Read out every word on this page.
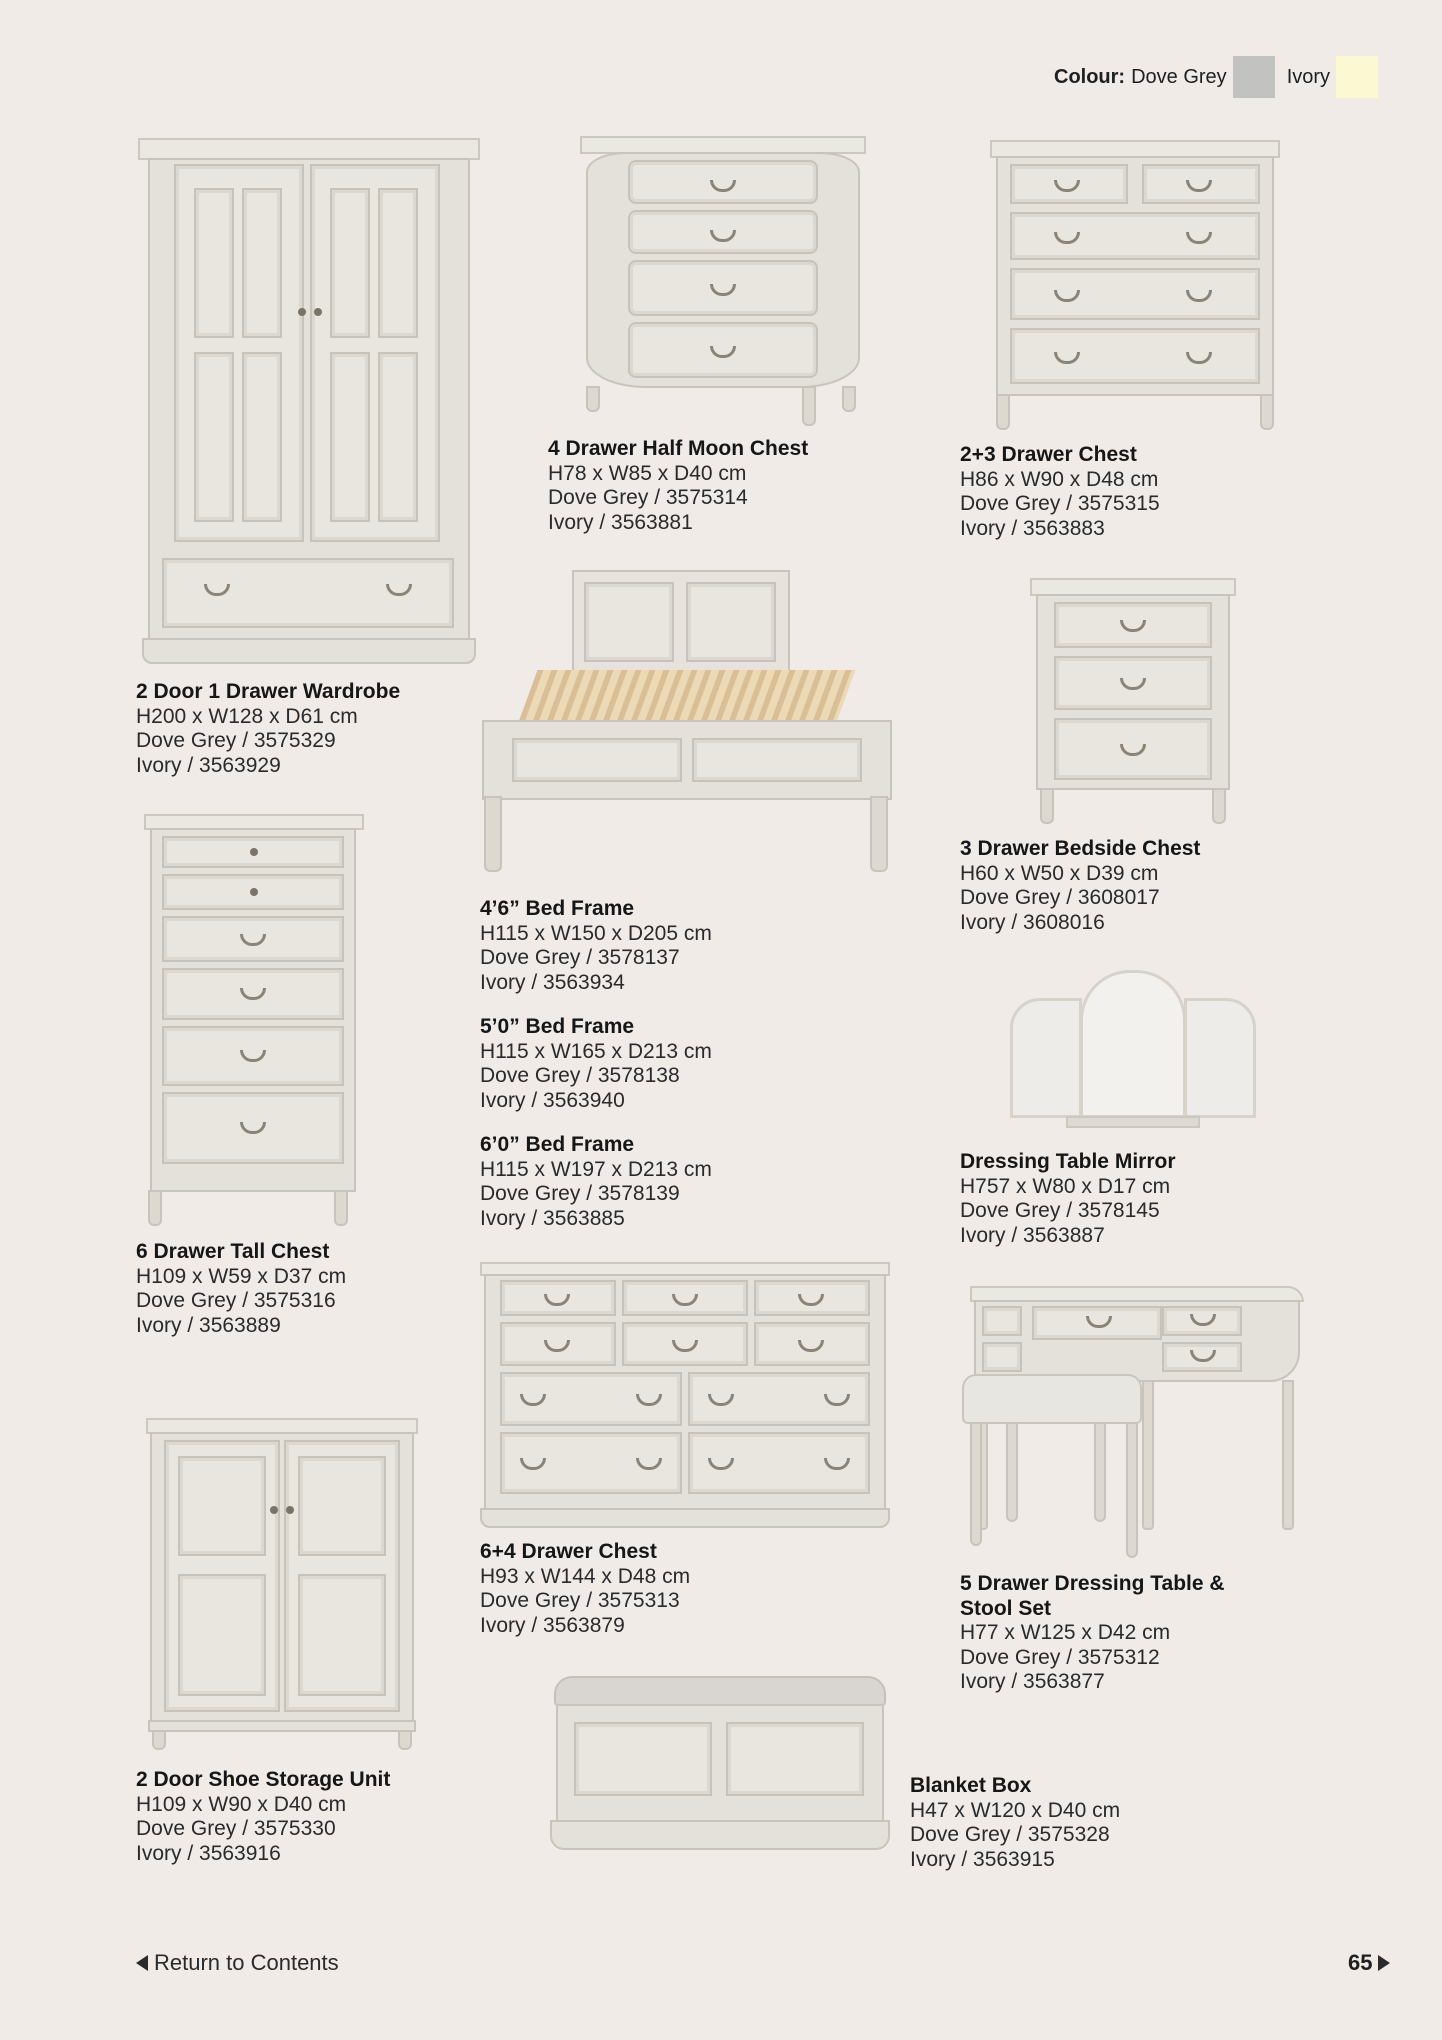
Colour: Dove Grey	Ivory
2 Door 1 Drawer Wardrobe
H200 x W128 x D61 cm
Dove Grey / 3575329
Ivory / 3563929
4 Drawer Half Moon Chest
H78 x W85 x D40 cm
Dove Grey / 3575314
Ivory / 3563881
2+3 Drawer Chest
H86 x W90 x D48 cm
Dove Grey / 3575315
Ivory / 3563883
4’6” Bed Frame
H115 x W150 x D205 cm
Dove Grey / 3578137
Ivory / 3563934
5’0” Bed Frame
H115 x W165 x D213 cm
Dove Grey / 3578138
Ivory / 3563940
6’0” Bed Frame
H115 x W197 x D213 cm
Dove Grey / 3578139
Ivory / 3563885
3 Drawer Bedside Chest
H60 x W50 x D39 cm
Dove Grey / 3608017
Ivory / 3608016
6 Drawer Tall Chest
H109 x W59 x D37 cm
Dove Grey / 3575316
Ivory / 3563889
Dressing Table Mirror
H757 x W80 x D17 cm
Dove Grey / 3578145
Ivory / 3563887
6+4 Drawer Chest
H93 x W144 x D48 cm
Dove Grey / 3575313
Ivory / 3563879
5 Drawer Dressing Table &
Stool Set
H77 x W125 x D42 cm
Dove Grey / 3575312
Ivory / 3563877
2 Door Shoe Storage Unit
H109 x W90 x D40 cm
Dove Grey / 3575330
Ivory / 3563916
Blanket Box
H47 x W120 x D40 cm
Dove Grey / 3575328
Ivory / 3563915
Return to Contents	65
